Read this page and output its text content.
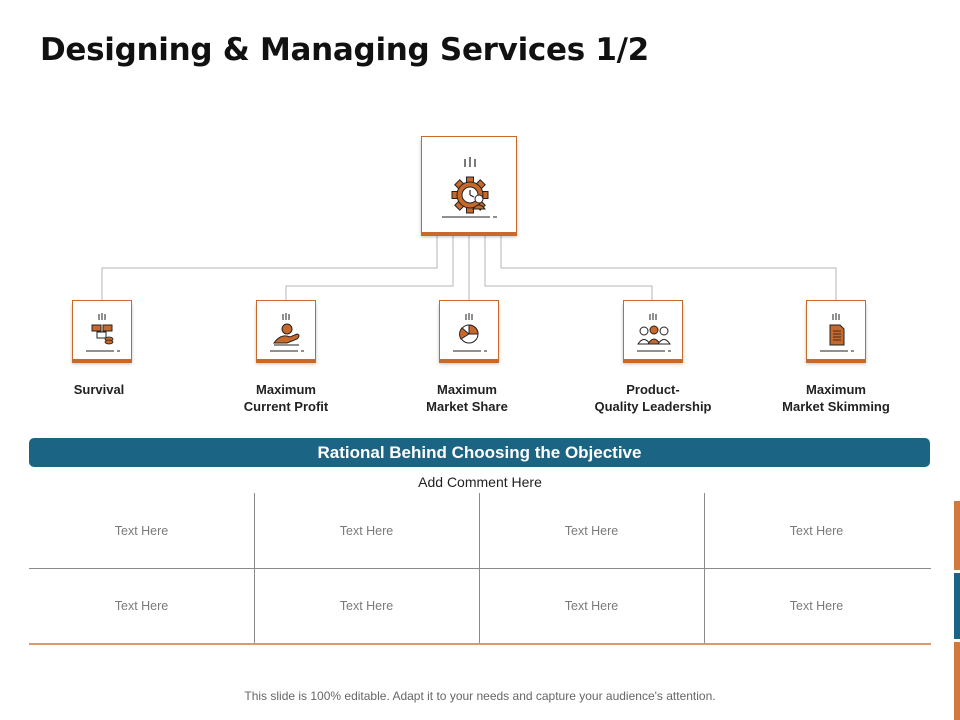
Designing & Managing Services 1/2
Survival	Maximum
Current Profit
Maximum
Market Share
Product-
Quality Leadership
Maximum
Market Skimming
Rational Behind Choosing the Objective
Add Comment Here
Text Here	Text Here	Text Here	Text Here
Text Here	Text Here	Text Here	Text Here
This slide is 100% editable. Adapt it to your needs and capture your audience's attention.
